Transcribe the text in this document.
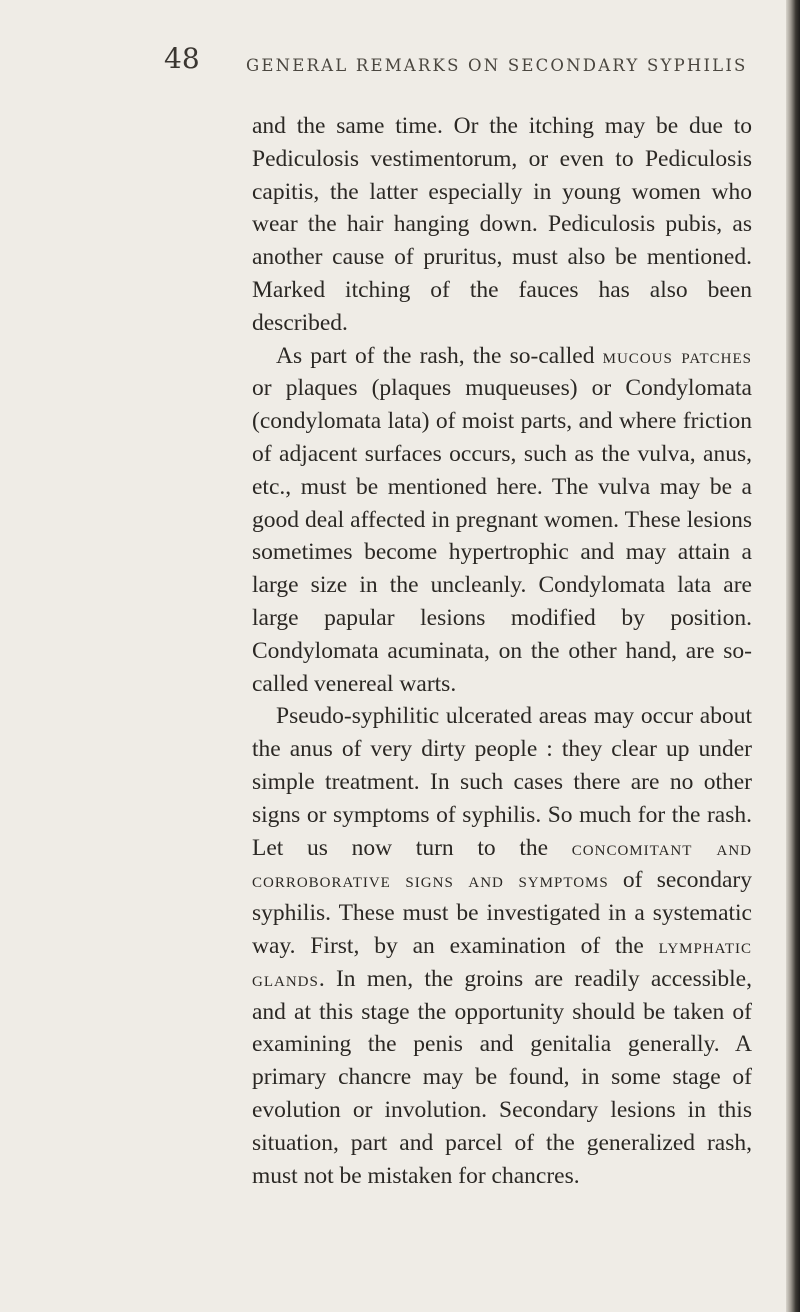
48	GENERAL REMARKS ON SECONDARY SYPHILIS

and the same time. Or the itching may be due to Pediculosis vestimentorum, or even to Pediculosis capitis, the latter especially in young women who wear the hair hanging down. Pediculosis pubis, as another cause of pruritus, must also be mentioned. Marked itching of the fauces has also been described.

As part of the rash, the so-called mucous patches or plaques (plaques muqueuses) or Condylomata (condylomata lata) of moist parts, and where friction of adjacent surfaces occurs, such as the vulva, anus, etc., must be mentioned here. The vulva may be a good deal affected in pregnant women. These lesions sometimes become hypertrophic and may attain a large size in the uncleanly. Condylomata lata are large papular lesions modified by position. Condylomata acuminata, on the other hand, are so-called venereal warts.

Pseudo-syphilitic ulcerated areas may occur about the anus of very dirty people : they clear up under simple treatment. In such cases there are no other signs or symptoms of syphilis. So much for the rash. Let us now turn to the concomitant and corroborative signs and symptoms of secondary syphilis. These must be investigated in a systematic way. First, by an examination of the lymphatic glands. In men, the groins are readily accessible, and at this stage the opportunity should be taken of examining the penis and genitalia generally. A primary chancre may be found, in some stage of evolution or involution. Secondary lesions in this situation, part and parcel of the generalized rash, must not be mistaken for chancres.
